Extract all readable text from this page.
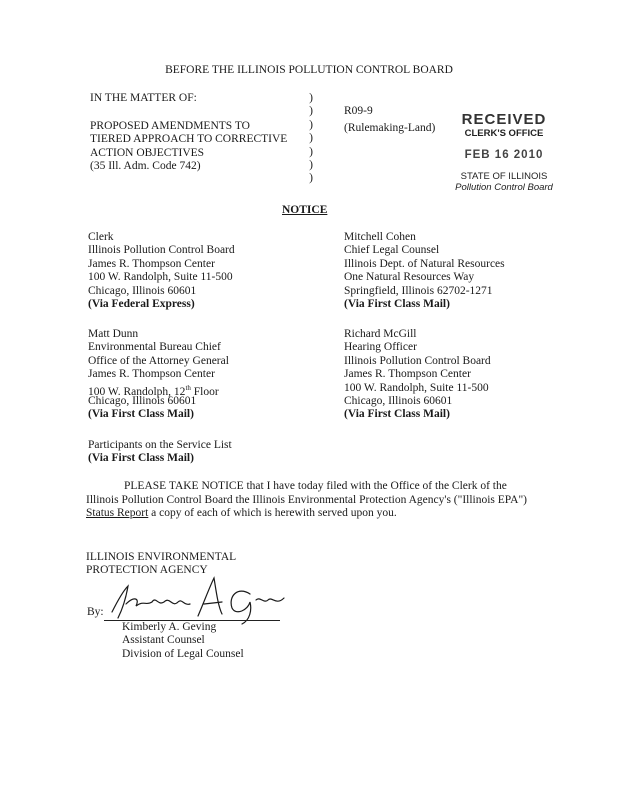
BEFORE THE ILLINOIS POLLUTION CONTROL BOARD
IN THE MATTER OF:
PROPOSED AMENDMENTS TO
TIERED APPROACH TO CORRECTIVE
ACTION OBJECTIVES
(35 Ill. Adm. Code 742)
)
)
)
)
)
)
)
R09-9
(Rulemaking-Land)	RECEIVED
CLERK'S OFFICE
FEB 16 2010
STATE OF ILLINOIS
Pollution Control Board
NOTICE
Clerk
Illinois Pollution Control Board
James R. Thompson Center
100 W. Randolph, Suite 11-500
Chicago, Illinois 60601
(Via Federal Express)
Matt Dunn
Environmental Bureau Chief
Office of the Attorney General
James R. Thompson Center
100 W. Randolph, 12th Floor
Chicago, Illinois 60601
(Via First Class Mail)
Participants on the Service List
(Via First Class Mail)
Mitchell Cohen
Chief Legal Counsel
Illinois Dept. of Natural Resources
One Natural Resources Way
Springfield, Illinois 62702-1271
(Via First Class Mail)
Richard McGill
Hearing Officer
Illinois Pollution Control Board
James R. Thompson Center
100 W. Randolph, Suite 11-500
Chicago, Illinois 60601
(Via First Class Mail)
PLEASE TAKE NOTICE that I have today filed with the Office of the Clerk of the Illinois Pollution Control Board the Illinois Environmental Protection Agency's ("Illinois EPA") Status Report a copy of each of which is herewith served upon you.
ILLINOIS ENVIRONMENTAL
PROTECTION AGENCY
By:
Kimberly A. Geving
Assistant Counsel
Division of Legal Counsel
